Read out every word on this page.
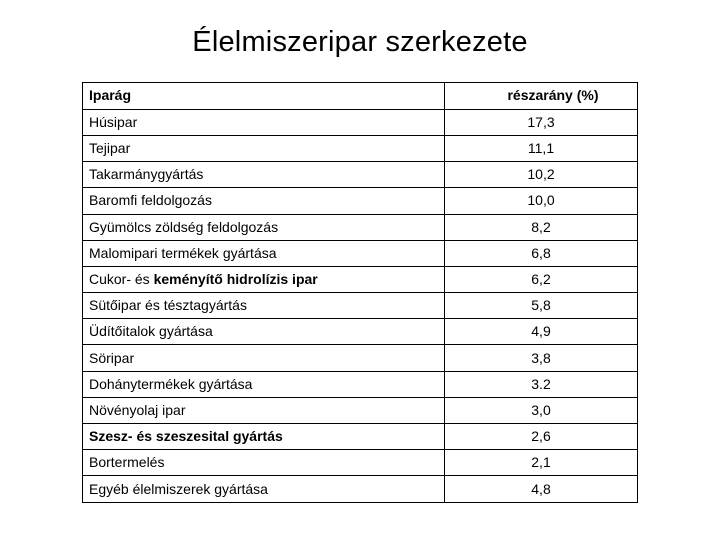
Élelmiszeripar szerkezete
Iparág	részarány (%)
Húsipar	17,3
Tejipar	11,1
Takarmánygyártás	10,2
Baromfi feldolgozás	10,0
Gyümölcs zöldség feldolgozás	8,2
Malomipari termékek gyártása	6,8
Cukor- és keményítő hidrolízis ipar	6,2
Sütőipar és tésztagyártás	5,8
Üdítőitalok gyártása	4,9
Söripar	3,8
Dohánytermékek gyártása	3.2
Növényolaj ipar	3,0
Szesz- és szeszesital gyártás	2,6
Bortermelés	2,1
Egyéb élelmiszerek gyártása	4,8
